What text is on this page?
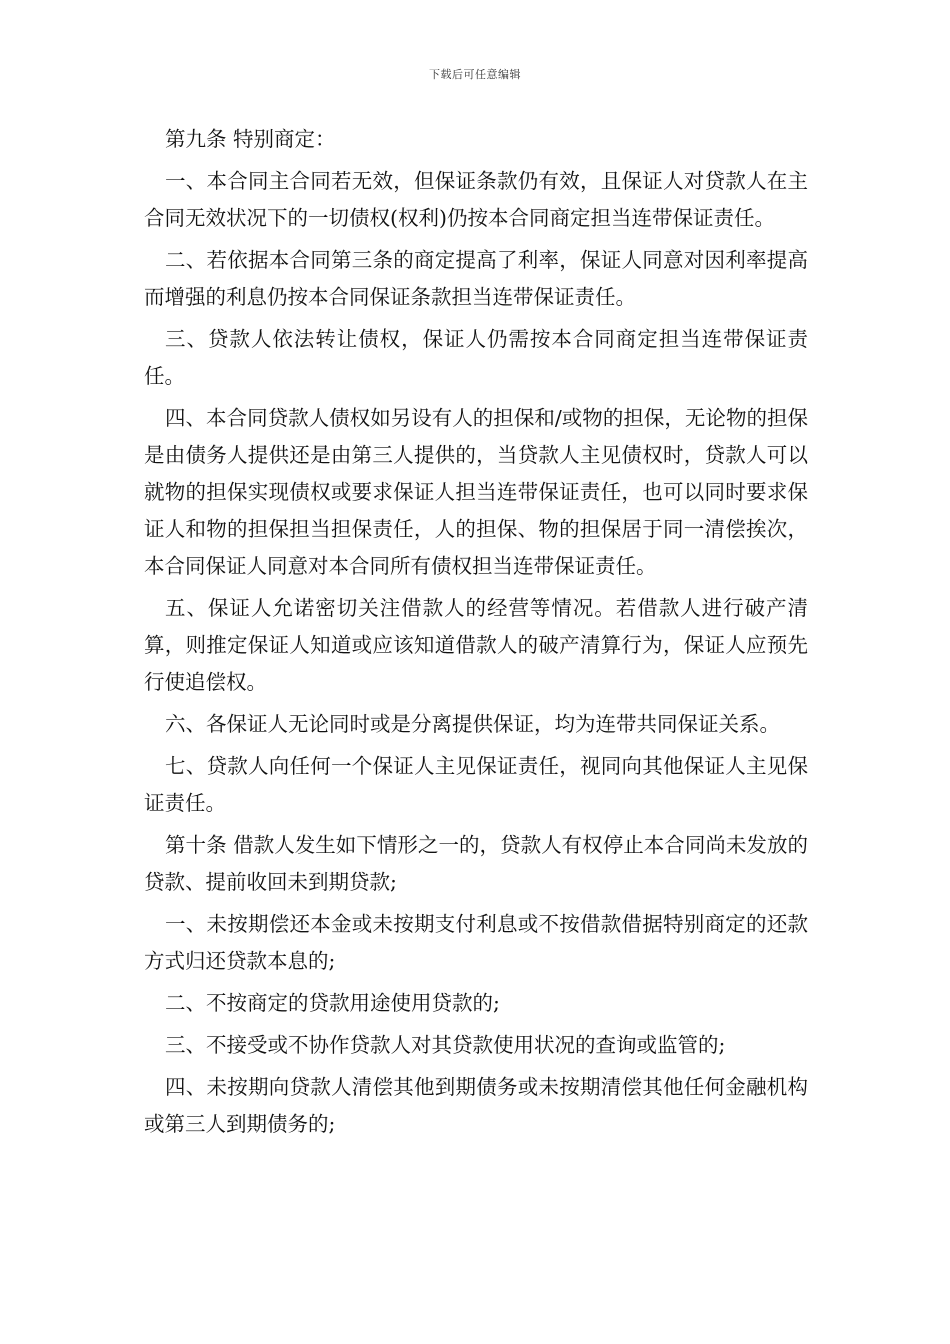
下载后可任意编辑

第九条 特别商定：

一、本合同主合同若无效，但保证条款仍有效，且保证人对贷款人在主合同无效状况下的一切债权(权利)仍按本合同商定担当连带保证责任。

二、若依据本合同第三条的商定提高了利率，保证人同意对因利率提高而增强的利息仍按本合同保证条款担当连带保证责任。

三、贷款人依法转让债权，保证人仍需按本合同商定担当连带保证责任。

四、本合同贷款人债权如另设有人的担保和/或物的担保，无论物的担保是由债务人提供还是由第三人提供的，当贷款人主见债权时，贷款人可以就物的担保实现债权或要求保证人担当连带保证责任，也可以同时要求保证人和物的担保担当担保责任，人的担保、物的担保居于同一清偿挨次，本合同保证人同意对本合同所有债权担当连带保证责任。

五、保证人允诺密切关注借款人的经营等情况。若借款人进行破产清算，则推定保证人知道或应该知道借款人的破产清算行为，保证人应预先行使追偿权。

六、各保证人无论同时或是分离提供保证，均为连带共同保证关系。

七、贷款人向任何一个保证人主见保证责任，视同向其他保证人主见保证责任。

第十条 借款人发生如下情形之一的，贷款人有权停止本合同尚未发放的贷款、提前收回未到期贷款;

一、未按期偿还本金或未按期支付利息或不按借款借据特别商定的还款方式归还贷款本息的;

二、不按商定的贷款用途使用贷款的;

三、不接受或不协作贷款人对其贷款使用状况的查询或监管的;

四、未按期向贷款人清偿其他到期债务或未按期清偿其他任何金融机构或第三人到期债务的;
